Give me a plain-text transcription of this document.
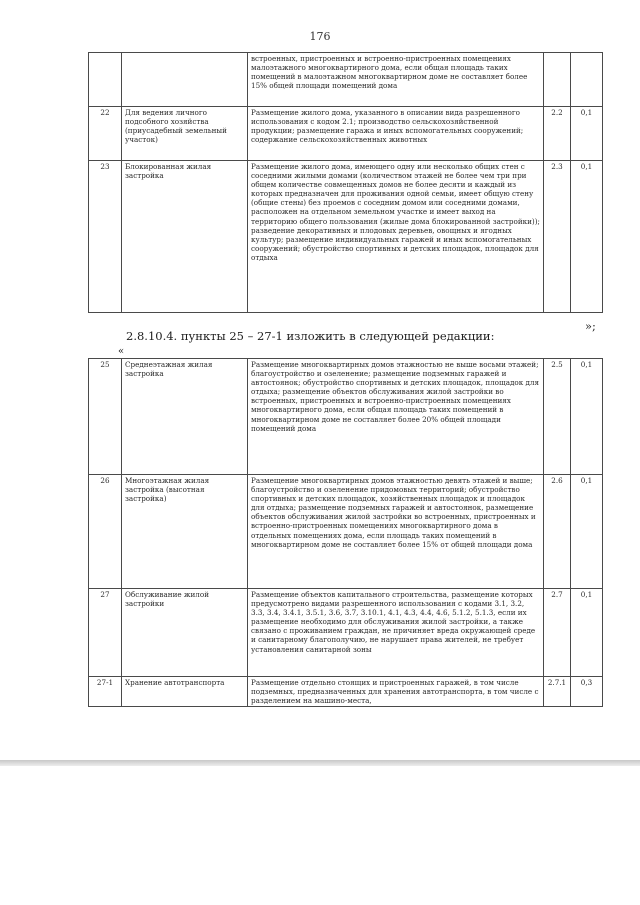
176
		встроенных, пристроенных и встроенно-пристроенных помещениях малоэтажного многоквартирного дома, если общая площадь таких помещений в малоэтажном многоквартирном доме не составляет более 15% общей площади помещений дома		
22	Для ведения личного подсобного хозяйства (приусадебный земельный участок)	Размещение жилого дома, указанного в описании вида разрешенного использования с кодом 2.1; производство сельскохозяйственной продукции; размещение гаража и иных вспомогательных сооружений; содержание сельскохозяйственных животных	2.2	0,1
23	Блокированная жилая застройка	Размещение жилого дома, имеющего одну или несколько общих стен с соседними жилыми домами (количеством этажей не более чем три при общем количестве совмещенных домов не более десяти и каждый из которых предназначен для проживания одной семьи, имеет общую стену (общие стены) без проемов с соседним домом или соседними домами, расположен на отдельном земельном участке и имеет выход на территорию общего пользования (жилые дома блокированной застройки)); разведение декоративных и плодовых деревьев, овощных и ягодных культур; размещение индивидуальных гаражей и иных вспомогательных сооружений; обустройство спортивных и детских площадок, площадок для отдыха	2.3	0,1
»;
2.8.10.4. пункты 25 – 27-1 изложить в следующей редакции:
«
25	Среднеэтажная жилая застройка	Размещение многоквартирных домов этажностью не выше восьми этажей; благоустройство и озеленение; размещение подземных гаражей и автостоянок; обустройство спортивных и детских площадок, площадок для отдыха; размещение объектов обслуживания жилой застройки во встроенных, пристроенных и встроенно-пристроенных помещениях многоквартирного дома, если общая площадь таких помещений в многоквартирном доме не составляет более 20% общей площади помещений дома	2.5	0,1
26	Многоэтажная жилая застройка (высотная застройка)	Размещение многоквартирных домов этажностью девять этажей и выше; благоустройство и озеленение придомовых территорий; обустройство спортивных и детских площадок, хозяйственных площадок и площадок для отдыха; размещение подземных гаражей и автостоянок, размещение объектов обслуживания жилой застройки во встроенных, пристроенных и встроенно-пристроенных помещениях многоквартирного дома в отдельных помещениях дома, если площадь таких помещений в многоквартирном доме не составляет более 15% от общей площади дома	2.6	0,1
27	Обслуживание жилой застройки	Размещение объектов капитального строительства, размещение которых предусмотрено видами разрешенного использования с кодами 3.1, 3.2, 3.3, 3.4, 3.4.1, 3.5.1, 3.6, 3.7, 3.10.1, 4.1, 4.3, 4.4, 4.6, 5.1.2, 5.1.3, если их размещение необходимо для обслуживания жилой застройки, а также связано с проживанием граждан, не причиняет вреда окружающей среде и санитарному благополучию, не нарушает права жителей, не требует установления санитарной зоны	2.7	0,1
27-1	Хранение автотранспорта	Размещение отдельно стоящих и пристроенных гаражей, в том числе подземных, предназначенных для хранения автотранспорта, в том числе с разделением на машино-места,	2.7.1	0,3
